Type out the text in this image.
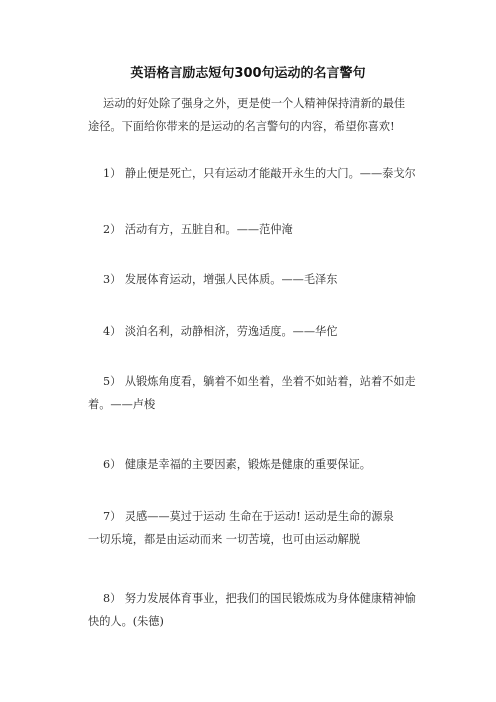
英语格言励志短句300句运动的名言警句

运动的好处除了强身之外，更是使一个人精神保持清新的最佳
途径。下面给你带来的是运动的名言警句的内容，希望你喜欢!

1） 静止便是死亡，只有运动才能敲开永生的大门。——泰戈尔

2） 活动有方，五脏自和。——范仲淹

3） 发展体育运动，增强人民体质。——毛泽东

4） 淡泊名利，动静相济，劳逸适度。——华佗

5） 从锻炼角度看，躺着不如坐着，坐着不如站着，站着不如走
着。——卢梭

6） 健康是幸福的主要因素，锻炼是健康的重要保证。

7） 灵感——莫过于运动 生命在于运动! 运动是生命的源泉
一切乐境，都是由运动而来 一切苦境，也可由运动解脱

8） 努力发展体育事业，把我们的国民锻炼成为身体健康精神愉
快的人。(朱德)
